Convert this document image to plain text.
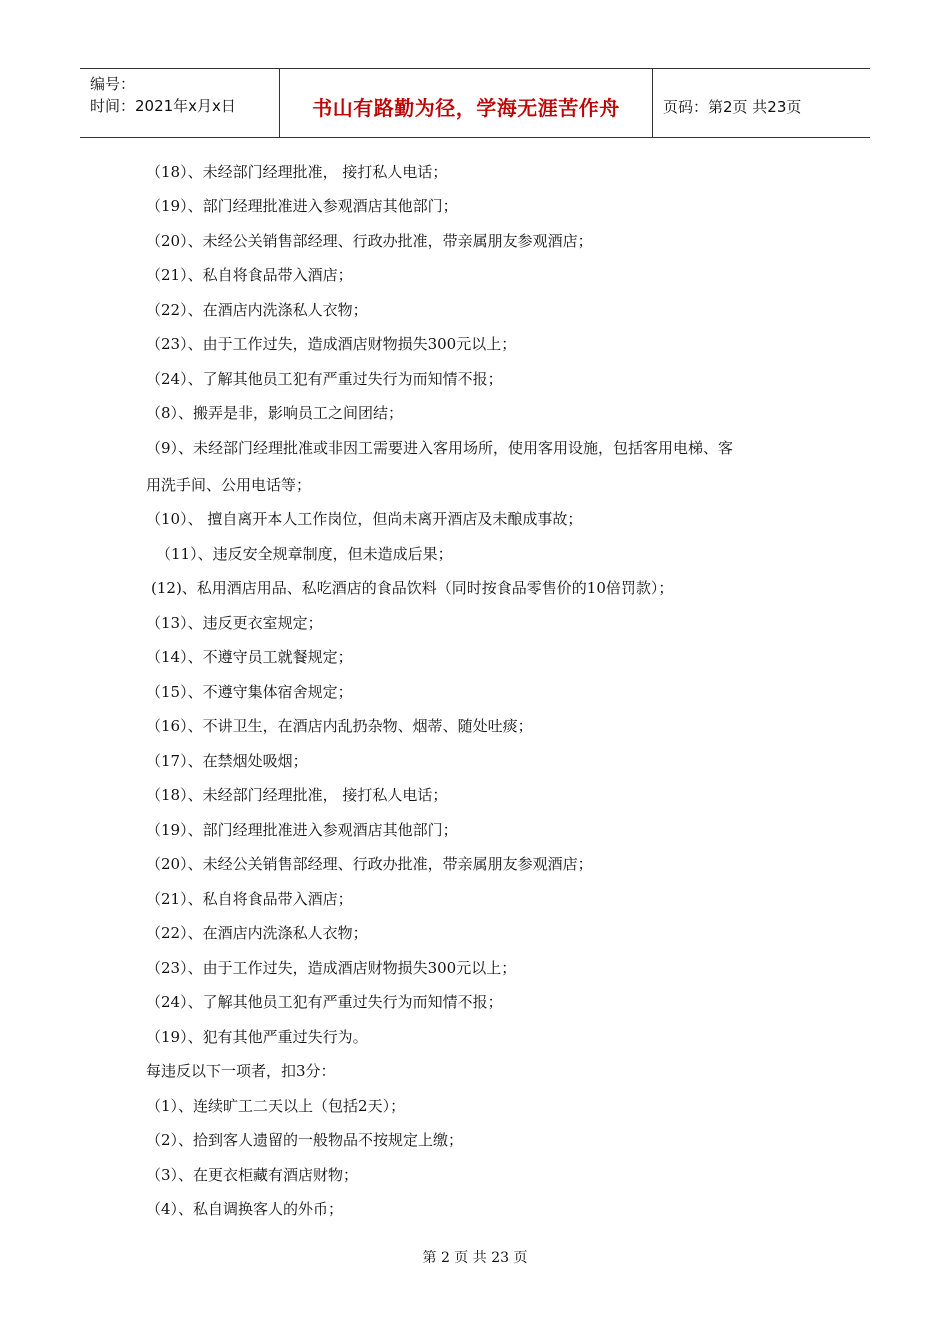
编号：
时间：2021年x月x日	书山有路勤为径，学海无涯苦作舟	页码：第2页 共23页
（18）、未经部门经理批准， 接打私人电话；
（19）、部门经理批准进入参观酒店其他部门；
（20）、未经公关销售部经理、行政办批准，带亲属朋友参观酒店；
（21）、私自将食品带入酒店；
（22）、在酒店内洗涤私人衣物；
（23）、由于工作过失，造成酒店财物损失300元以上；
（24）、了解其他员工犯有严重过失行为而知情不报；
（8）、搬弄是非，影响员工之间团结；
（9）、未经部门经理批准或非因工需要进入客用场所，使用客用设施，包括客用电梯、客
用洗手间、公用电话等；
（10）、 擅自离开本人工作岗位，但尚未离开酒店及未酿成事故；
（11）、违反安全规章制度，但未造成后果；
(12)、私用酒店用品、私吃酒店的食品饮料（同时按食品零售价的10倍罚款）；
（13）、违反更衣室规定；
（14）、不遵守员工就餐规定；
（15）、不遵守集体宿舍规定；
（16）、不讲卫生，在酒店内乱扔杂物、烟蒂、随处吐痰；
（17）、在禁烟处吸烟；
（18）、未经部门经理批准， 接打私人电话；
（19）、部门经理批准进入参观酒店其他部门；
（20）、未经公关销售部经理、行政办批准，带亲属朋友参观酒店；
（21）、私自将食品带入酒店；
（22）、在酒店内洗涤私人衣物；
（23）、由于工作过失，造成酒店财物损失300元以上；
（24）、了解其他员工犯有严重过失行为而知情不报；
（19）、犯有其他严重过失行为。
每违反以下一项者，扣3分：
（1）、连续旷工二天以上（包括2天）；
（2）、拾到客人遗留的一般物品不按规定上缴；
（3）、在更衣柜藏有酒店财物；
（4）、私自调换客人的外币；
第 2 页 共 23 页
